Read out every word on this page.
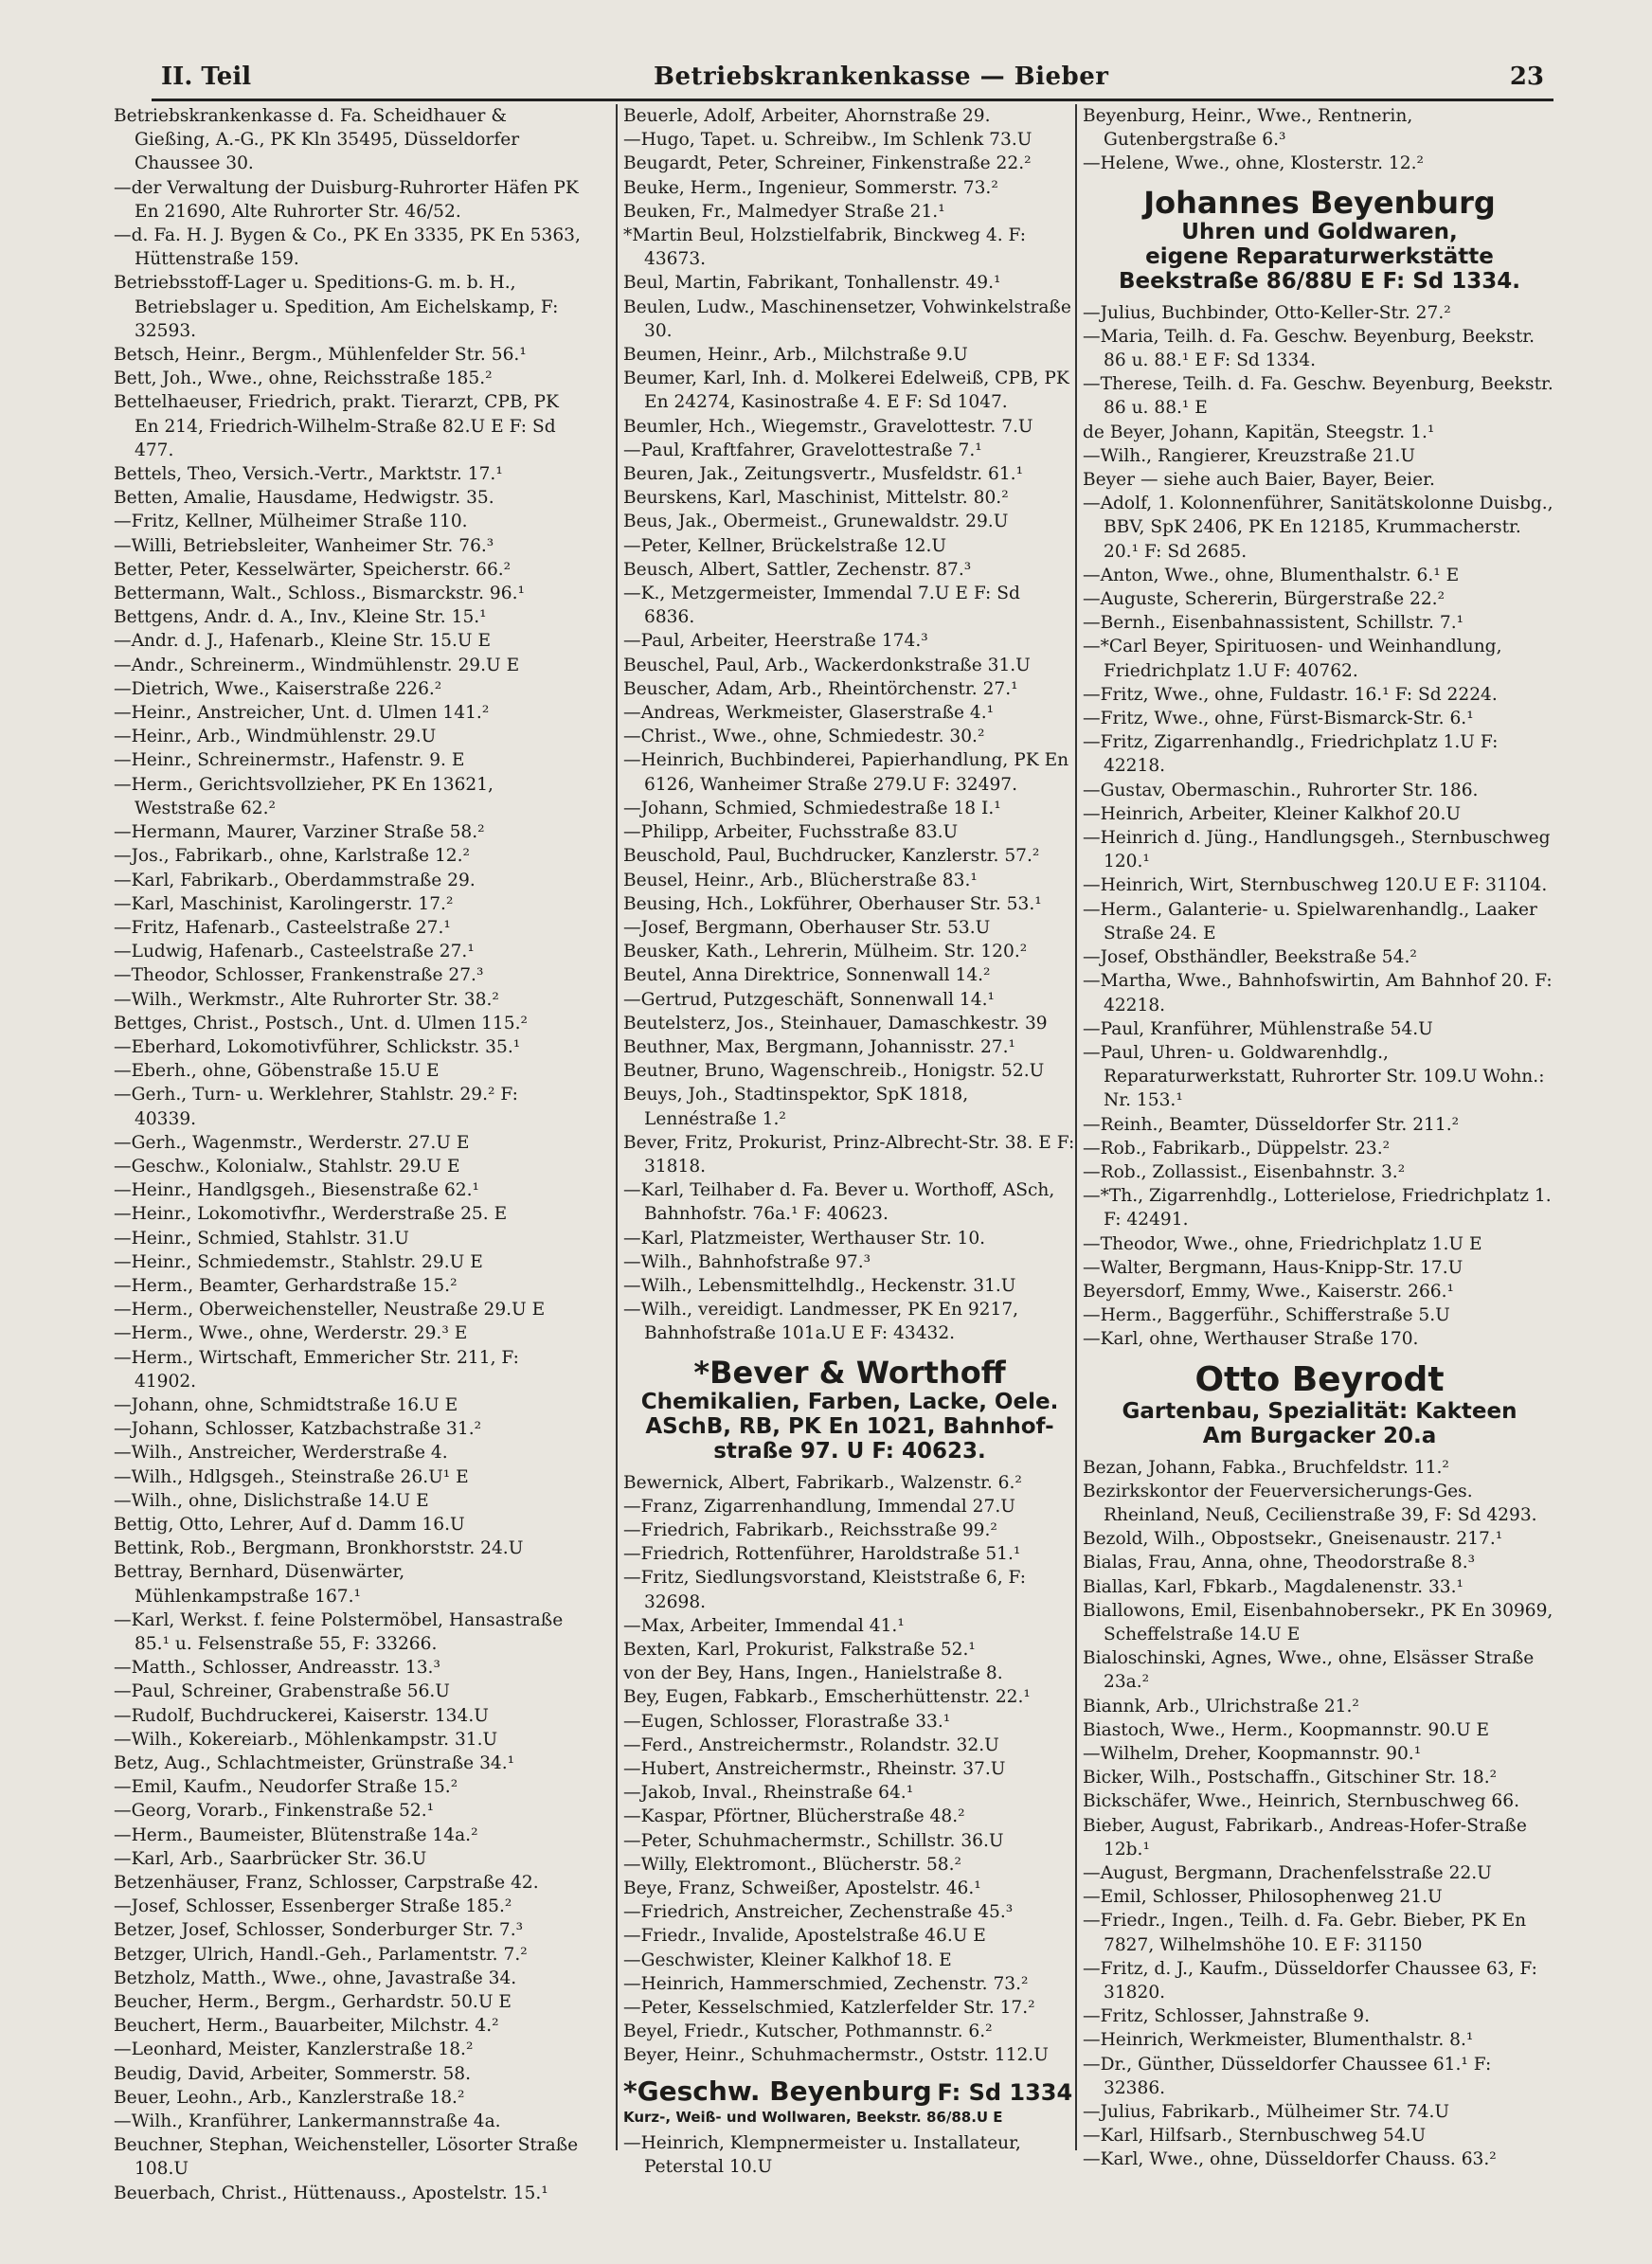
II. Teil	Betriebskrankenkasse — Bieber	23

Betriebskrankenkasse d. Fa. Scheidhauer & Gießing, A.-G., PK Kln 35495, Düsseldorfer Chaussee 30.

—der Verwaltung der Duisburg-Ruhrorter Häfen PK En 21690, Alte Ruhrorter Str. 46/52.

—d. Fa. H. J. Bygen & Co., PK En 3335, PK En 5363, Hüttenstraße 159.

Betriebsstoff-Lager u. Speditions-G. m. b. H., Betriebslager u. Spedition, Am Eichelskamp, F: 32593.

Betsch, Heinr., Bergm., Mühlenfelder Str. 56.¹

Bett, Joh., Wwe., ohne, Reichsstraße 185.²

Bettelhaeuser, Friedrich, prakt. Tierarzt, CPB, PK En 214, Friedrich-Wilhelm-Straße 82.U E F: Sd 477.

Bettels, Theo, Versich.-Vertr., Marktstr. 17.¹

Betten, Amalie, Hausdame, Hedwigstr. 35.

—Fritz, Kellner, Mülheimer Straße 110.

—Willi, Betriebsleiter, Wanheimer Str. 76.³

Better, Peter, Kesselwärter, Speicherstr. 66.²

Bettermann, Walt., Schloss., Bismarckstr. 96.¹

Bettgens, Andr. d. A., Inv., Kleine Str. 15.¹

—Andr. d. J., Hafenarb., Kleine Str. 15.U E

—Andr., Schreinerm., Windmühlenstr. 29.U E

—Dietrich, Wwe., Kaiserstraße 226.²

—Heinr., Anstreicher, Unt. d. Ulmen 141.²

—Heinr., Arb., Windmühlenstr. 29.U

—Heinr., Schreinermstr., Hafenstr. 9. E

—Herm., Gerichtsvollzieher, PK En 13621, Weststraße 62.²

—Hermann, Maurer, Varziner Straße 58.²

—Jos., Fabrikarb., ohne, Karlstraße 12.²

—Karl, Fabrikarb., Oberdammstraße 29.

—Karl, Maschinist, Karolingerstr. 17.²

—Fritz, Hafenarb., Casteelstraße 27.¹

—Ludwig, Hafenarb., Casteelstraße 27.¹

—Theodor, Schlosser, Frankenstraße 27.³

—Wilh., Werkmstr., Alte Ruhrorter Str. 38.²

Bettges, Christ., Postsch., Unt. d. Ulmen 115.²

—Eberhard, Lokomotivführer, Schlickstr. 35.¹

—Eberh., ohne, Göbenstraße 15.U E

—Gerh., Turn- u. Werklehrer, Stahlstr. 29.² F: 40339.

—Gerh., Wagenmstr., Werderstr. 27.U E

—Geschw., Kolonialw., Stahlstr. 29.U E

—Heinr., Handlgsgeh., Biesenstraße 62.¹

—Heinr., Lokomotivfhr., Werderstraße 25. E

—Heinr., Schmied, Stahlstr. 31.U

—Heinr., Schmiedemstr., Stahlstr. 29.U E

—Herm., Beamter, Gerhardstraße 15.²

—Herm., Oberweichensteller, Neustraße 29.U E

—Herm., Wwe., ohne, Werderstr. 29.³ E

—Herm., Wirtschaft, Emmericher Str. 211, F: 41902.

—Johann, ohne, Schmidtstraße 16.U E

—Johann, Schlosser, Katzbachstraße 31.²

—Wilh., Anstreicher, Werderstraße 4.

—Wilh., Hdlgsgeh., Steinstraße 26.U¹ E

—Wilh., ohne, Dislichstraße 14.U E

Bettig, Otto, Lehrer, Auf d. Damm 16.U

Bettink, Rob., Bergmann, Bronkhorststr. 24.U

Bettray, Bernhard, Düsenwärter, Mühlenkampstraße 167.¹

—Karl, Werkst. f. feine Polstermöbel, Hansastraße 85.¹ u. Felsenstraße 55, F: 33266.

—Matth., Schlosser, Andreasstr. 13.³

—Paul, Schreiner, Grabenstraße 56.U

—Rudolf, Buchdruckerei, Kaiserstr. 134.U

—Wilh., Kokereiarb., Möhlenkampstr. 31.U

Betz, Aug., Schlachtmeister, Grünstraße 34.¹

—Emil, Kaufm., Neudorfer Straße 15.²

—Georg, Vorarb., Finkenstraße 52.¹

—Herm., Baumeister, Blütenstraße 14a.²

—Karl, Arb., Saarbrücker Str. 36.U

Betzenhäuser, Franz, Schlosser, Carpstraße 42.

—Josef, Schlosser, Essenberger Straße 185.²

Betzer, Josef, Schlosser, Sonderburger Str. 7.³

Betzger, Ulrich, Handl.-Geh., Parlamentstr. 7.²

Betzholz, Matth., Wwe., ohne, Javastraße 34.

Beucher, Herm., Bergm., Gerhardstr. 50.U E

Beuchert, Herm., Bauarbeiter, Milchstr. 4.²

—Leonhard, Meister, Kanzlerstraße 18.²

Beudig, David, Arbeiter, Sommerstr. 58.

Beuer, Leohn., Arb., Kanzlerstraße 18.²

—Wilh., Kranführer, Lankermannstraße 4a.

Beuchner, Stephan, Weichensteller, Lösorter Straße 108.U

Beuerbach, Christ., Hüttenauss., Apostelstr. 15.¹

Beuerle, Adolf, Arbeiter, Ahornstraße 29.

—Hugo, Tapet. u. Schreibw., Im Schlenk 73.U

Beugardt, Peter, Schreiner, Finkenstraße 22.²

Beuke, Herm., Ingenieur, Sommerstr. 73.²

Beuken, Fr., Malmedyer Straße 21.¹

*Martin Beul, Holzstielfabrik, Binckweg 4. F: 43673.

Beul, Martin, Fabrikant, Tonhallenstr. 49.¹

Beulen, Ludw., Maschinensetzer, Vohwinkelstraße 30.

Beumen, Heinr., Arb., Milchstraße 9.U

Beumer, Karl, Inh. d. Molkerei Edelweiß, CPB, PK En 24274, Kasinostraße 4. E F: Sd 1047.

Beumler, Hch., Wiegemstr., Gravelottestr. 7.U

—Paul, Kraftfahrer, Gravelottestraße 7.¹

Beuren, Jak., Zeitungsvertr., Musfeldstr. 61.¹

Beurskens, Karl, Maschinist, Mittelstr. 80.²

Beus, Jak., Obermeist., Grunewaldstr. 29.U

—Peter, Kellner, Brückelstraße 12.U

Beusch, Albert, Sattler, Zechenstr. 87.³

—K., Metzgermeister, Immendal 7.U E F: Sd 6836.

—Paul, Arbeiter, Heerstraße 174.³

Beuschel, Paul, Arb., Wackerdonkstraße 31.U

Beuscher, Adam, Arb., Rheintörchenstr. 27.¹

—Andreas, Werkmeister, Glaserstraße 4.¹

—Christ., Wwe., ohne, Schmiedestr. 30.²

—Heinrich, Buchbinderei, Papierhandlung, PK En 6126, Wanheimer Straße 279.U F: 32497.

—Johann, Schmied, Schmiedestraße 18 I.¹

—Philipp, Arbeiter, Fuchsstraße 83.U

Beuschold, Paul, Buchdrucker, Kanzlerstr. 57.²

Beusel, Heinr., Arb., Blücherstraße 83.¹

Beusing, Hch., Lokführer, Oberhauser Str. 53.¹

—Josef, Bergmann, Oberhauser Str. 53.U

Beusker, Kath., Lehrerin, Mülheim. Str. 120.²

Beutel, Anna Direktrice, Sonnenwall 14.²

—Gertrud, Putzgeschäft, Sonnenwall 14.¹

Beutelsterz, Jos., Steinhauer, Damaschkestr. 39

Beuthner, Max, Bergmann, Johannisstr. 27.¹

Beutner, Bruno, Wagenschreib., Honigstr. 52.U

Beuys, Joh., Stadtinspektor, SpK 1818, Lennéstraße 1.²

Bever, Fritz, Prokurist, Prinz-Albrecht-Str. 38. E F: 31818.

—Karl, Teilhaber d. Fa. Bever u. Worthoff, ASch, Bahnhofstr. 76a.¹ F: 40623.

—Karl, Platzmeister, Werthauser Str. 10.

—Wilh., Bahnhofstraße 97.³

—Wilh., Lebensmittelhdlg., Heckenstr. 31.U

—Wilh., vereidigt. Landmesser, PK En 9217, Bahnhofstraße 101a.U E F: 43432.

*Bever & Worthoff
Chemikalien, Farben, Lacke, Oele.
ASchB, RB, PK En 1021, Bahnhof-
straße 97. U F: 40623.

Bewernick, Albert, Fabrikarb., Walzenstr. 6.²

—Franz, Zigarrenhandlung, Immendal 27.U

—Friedrich, Fabrikarb., Reichsstraße 99.²

—Friedrich, Rottenführer, Haroldstraße 51.¹

—Fritz, Siedlungsvorstand, Kleiststraße 6, F: 32698.

—Max, Arbeiter, Immendal 41.¹

Bexten, Karl, Prokurist, Falkstraße 52.¹

von der Bey, Hans, Ingen., Hanielstraße 8.

Bey, Eugen, Fabkarb., Emscherhüttenstr. 22.¹

—Eugen, Schlosser, Florastraße 33.¹

—Ferd., Anstreichermstr., Rolandstr. 32.U

—Hubert, Anstreichermstr., Rheinstr. 37.U

—Jakob, Inval., Rheinstraße 64.¹

—Kaspar, Pförtner, Blücherstraße 48.²

—Peter, Schuhmachermstr., Schillstr. 36.U

—Willy, Elektromont., Blücherstr. 58.²

Beye, Franz, Schweißer, Apostelstr. 46.¹

—Friedrich, Anstreicher, Zechenstraße 45.³

—Friedr., Invalide, Apostelstraße 46.U E

—Geschwister, Kleiner Kalkhof 18. E

—Heinrich, Hammerschmied, Zechenstr. 73.²

—Peter, Kesselschmied, Katzlerfelder Str. 17.²

Beyel, Friedr., Kutscher, Pothmannstr. 6.²

Beyer, Heinr., Schuhmachermstr., Oststr. 112.U

*Geschw. Beyenburg F: Sd 1334
Kurz-, Weiß- und Wollwaren, Beekstr. 86/88.U E

—Heinrich, Klempnermeister u. Installateur, Peterstal 10.U

Beyenburg, Heinr., Wwe., Rentnerin, Gutenbergstraße 6.³

—Helene, Wwe., ohne, Klosterstr. 12.²

Johannes Beyenburg
Uhren und Goldwaren,
eigene Reparaturwerkstätte
Beekstraße 86/88U E F: Sd 1334.

—Julius, Buchbinder, Otto-Keller-Str. 27.²

—Maria, Teilh. d. Fa. Geschw. Beyenburg, Beekstr. 86 u. 88.¹ E F: Sd 1334.

—Therese, Teilh. d. Fa. Geschw. Beyenburg, Beekstr. 86 u. 88.¹ E

de Beyer, Johann, Kapitän, Steegstr. 1.¹

—Wilh., Rangierer, Kreuzstraße 21.U

Beyer — siehe auch Baier, Bayer, Beier.

—Adolf, 1. Kolonnenführer, Sanitätskolonne Duisbg., BBV, SpK 2406, PK En 12185, Krummacherstr. 20.¹ F: Sd 2685.

—Anton, Wwe., ohne, Blumenthalstr. 6.¹ E

—Auguste, Schererin, Bürgerstraße 22.²

—Bernh., Eisenbahnassistent, Schillstr. 7.¹

—*Carl Beyer, Spirituosen- und Weinhandlung, Friedrichplatz 1.U F: 40762.

—Fritz, Wwe., ohne, Fuldastr. 16.¹ F: Sd 2224.

—Fritz, Wwe., ohne, Fürst-Bismarck-Str. 6.¹

—Fritz, Zigarrenhandlg., Friedrichplatz 1.U F: 42218.

—Gustav, Obermaschin., Ruhrorter Str. 186.

—Heinrich, Arbeiter, Kleiner Kalkhof 20.U

—Heinrich d. Jüng., Handlungsgeh., Sternbuschweg 120.¹

—Heinrich, Wirt, Sternbuschweg 120.U E F: 31104.

—Herm., Galanterie- u. Spielwarenhandlg., Laaker Straße 24. E

—Josef, Obsthändler, Beekstraße 54.²

—Martha, Wwe., Bahnhofswirtin, Am Bahnhof 20. F: 42218.

—Paul, Kranführer, Mühlenstraße 54.U

—Paul, Uhren- u. Goldwarenhdlg., Reparaturwerkstatt, Ruhrorter Str. 109.U Wohn.: Nr. 153.¹

—Reinh., Beamter, Düsseldorfer Str. 211.²

—Rob., Fabrikarb., Düppelstr. 23.²

—Rob., Zollassist., Eisenbahnstr. 3.²

—*Th., Zigarrenhdlg., Lotterielose, Friedrichplatz 1. F: 42491.

—Theodor, Wwe., ohne, Friedrichplatz 1.U E

—Walter, Bergmann, Haus-Knipp-Str. 17.U

Beyersdorf, Emmy, Wwe., Kaiserstr. 266.¹

—Herm., Baggerführ., Schifferstraße 5.U

—Karl, ohne, Werthauser Straße 170.

Otto Beyrodt
Gartenbau, Spezialität: Kakteen
Am Burgacker 20.a

Bezan, Johann, Fabka., Bruchfeldstr. 11.²

Bezirkskontor der Feuerversicherungs-Ges. Rheinland, Neuß, Cecilienstraße 39, F: Sd 4293.

Bezold, Wilh., Obpostsekr., Gneisenaustr. 217.¹

Bialas, Frau, Anna, ohne, Theodorstraße 8.³

Biallas, Karl, Fbkarb., Magdalenenstr. 33.¹

Biallowons, Emil, Eisenbahnobersekr., PK En 30969, Scheffelstraße 14.U E

Bialoschinski, Agnes, Wwe., ohne, Elsässer Straße 23a.²

Biannk, Arb., Ulrichstraße 21.²

Biastoch, Wwe., Herm., Koopmannstr. 90.U E

—Wilhelm, Dreher, Koopmannstr. 90.¹

Bicker, Wilh., Postschaffn., Gitschiner Str. 18.²

Bickschäfer, Wwe., Heinrich, Sternbuschweg 66.

Bieber, August, Fabrikarb., Andreas-Hofer-Straße 12b.¹

—August, Bergmann, Drachenfelsstraße 22.U

—Emil, Schlosser, Philosophenweg 21.U

—Friedr., Ingen., Teilh. d. Fa. Gebr. Bieber, PK En 7827, Wilhelmshöhe 10. E F: 31150

—Fritz, d. J., Kaufm., Düsseldorfer Chaussee 63, F: 31820.

—Fritz, Schlosser, Jahnstraße 9.

—Heinrich, Werkmeister, Blumenthalstr. 8.¹

—Dr., Günther, Düsseldorfer Chaussee 61.¹ F: 32386.

—Julius, Fabrikarb., Mülheimer Str. 74.U

—Karl, Hilfsarb., Sternbuschweg 54.U

—Karl, Wwe., ohne, Düsseldorfer Chauss. 63.²
